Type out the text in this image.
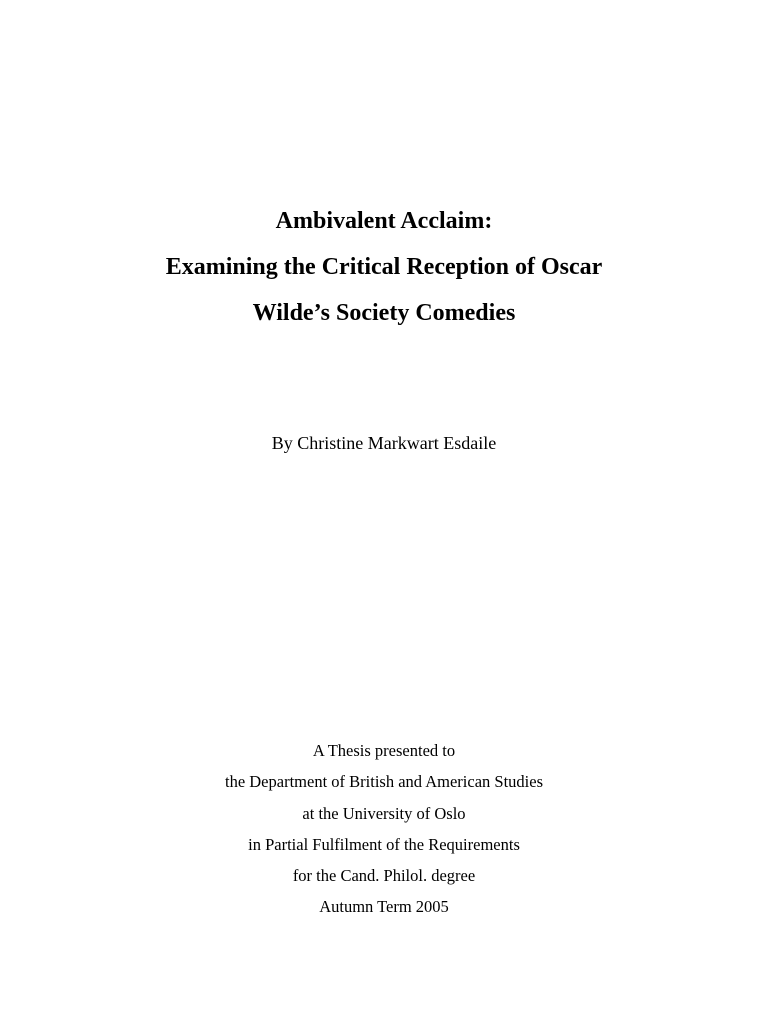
Ambivalent Acclaim:
Examining the Critical Reception of Oscar
Wilde’s Society Comedies
By Christine Markwart Esdaile
A Thesis presented to
the Department of British and American Studies
at the University of Oslo
in Partial Fulfilment of the Requirements
for the Cand. Philol. degree
Autumn Term 2005
